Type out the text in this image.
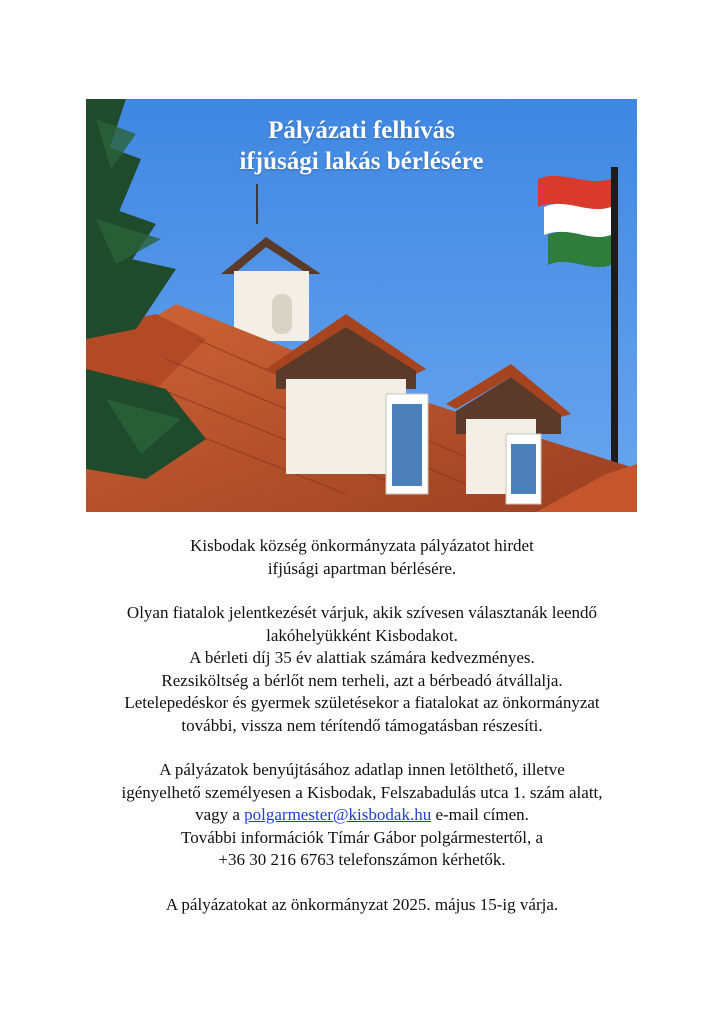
Pályázati felhívás
ifjúsági lakás bérlésére

Kisbodak község önkormányzata pályázatot hirdet
ifjúsági apartman bérlésére.

Olyan fiatalok jelentkezését várjuk, akik szívesen választanák leendő
lakóhelyükként Kisbodakot.
A bérleti díj 35 év alattiak számára kedvezményes.
Rezsiköltség a bérlőt nem terheli, azt a bérbeadó átvállalja.
Letelepedéskor és gyermek születésekor a fiatalokat az önkormányzat
további, vissza nem térítendő támogatásban részesíti.

A pályázatok benyújtásához adatlap innen letölthető, illetve
igényelhető személyesen a Kisbodak, Felszabadulás utca 1. szám alatt,
vagy a polgarmester@kisbodak.hu e-mail címen.
További információk Tímár Gábor polgármestertől, a
+36 30 216 6763 telefonszámon kérhetők.

A pályázatokat az önkormányzat 2025. május 15-ig várja.
